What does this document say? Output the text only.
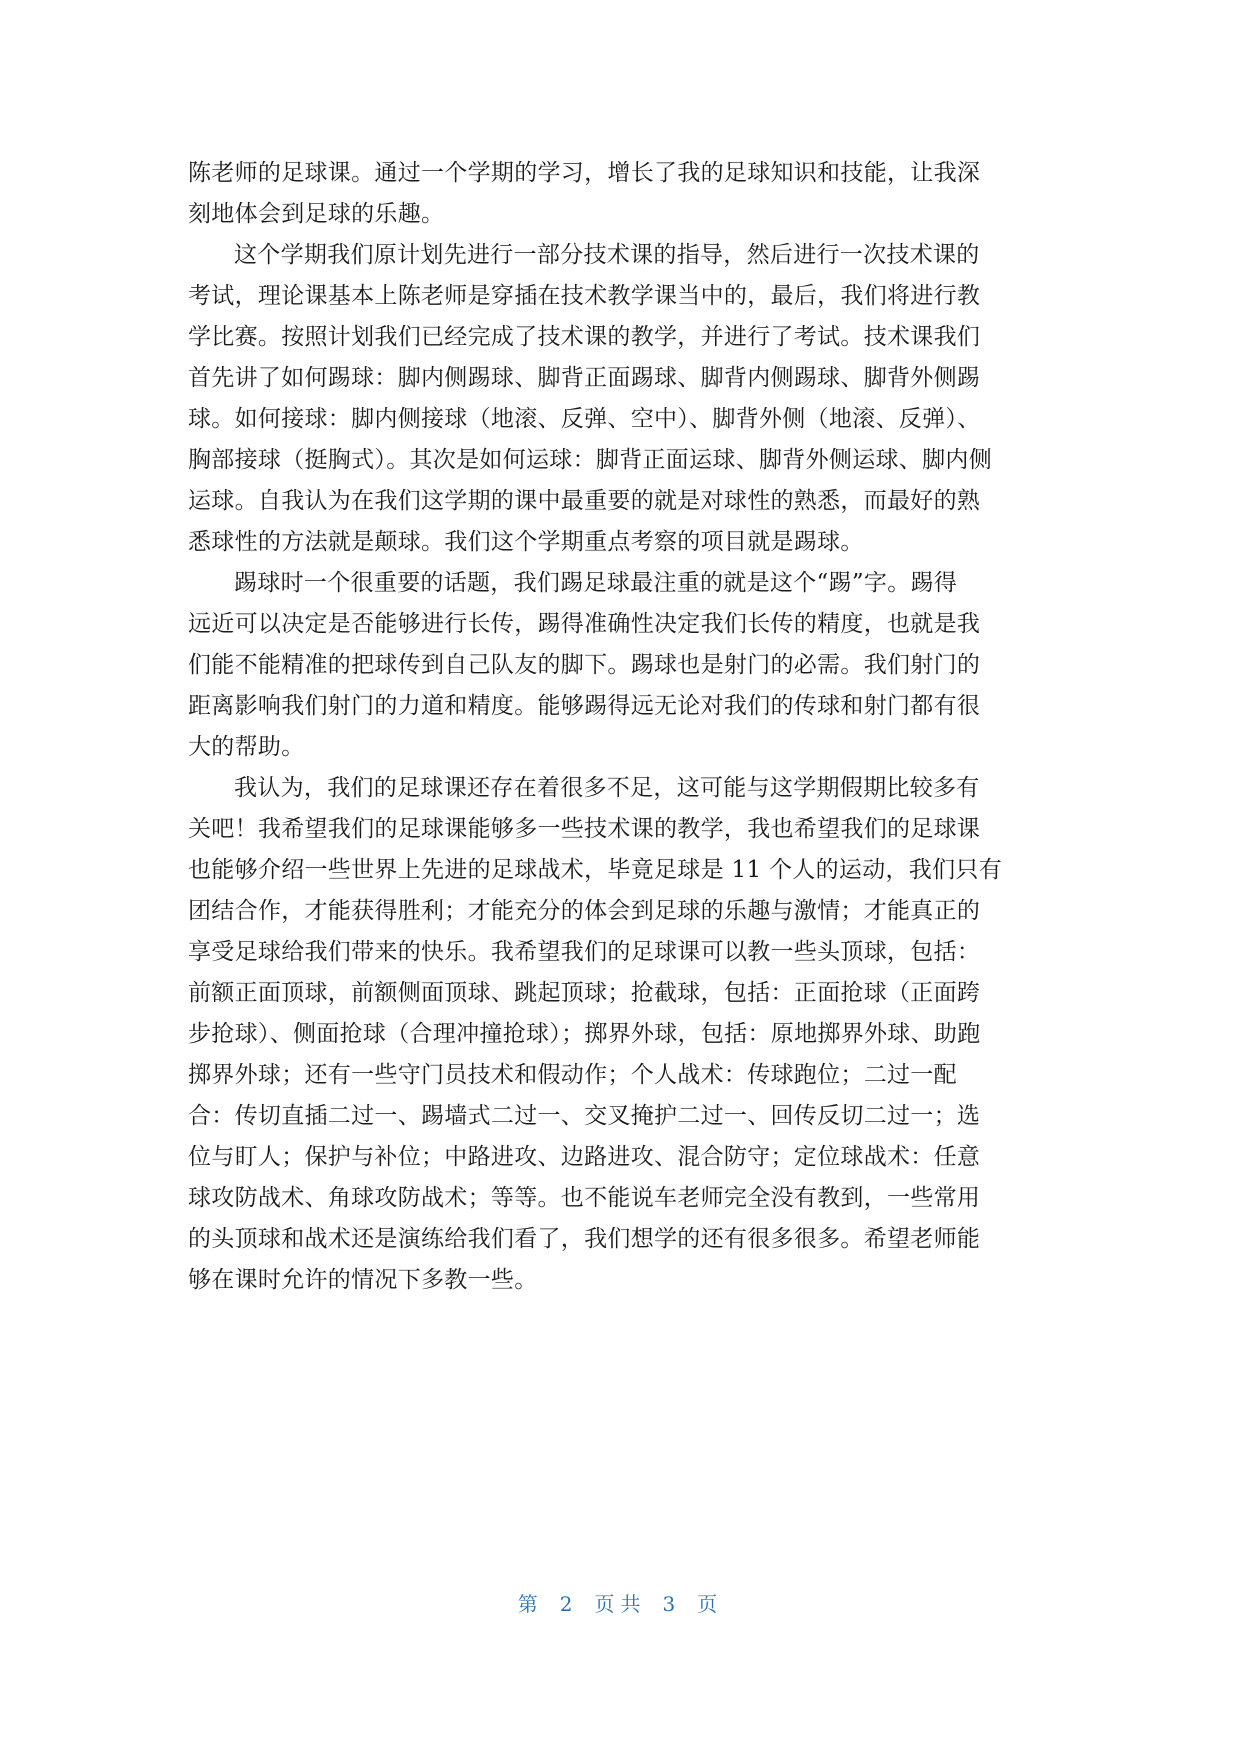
陈老师的足球课。通过一个学期的学习，增长了我的足球知识和技能，让我深
刻地体会到足球的乐趣。
这个学期我们原计划先进行一部分技术课的指导，然后进行一次技术课的
考试，理论课基本上陈老师是穿插在技术教学课当中的，最后，我们将进行教
学比赛。按照计划我们已经完成了技术课的教学，并进行了考试。技术课我们
首先讲了如何踢球：脚内侧踢球、脚背正面踢球、脚背内侧踢球、脚背外侧踢
球。如何接球：脚内侧接球（地滚、反弹、空中）、脚背外侧（地滚、反弹）、
胸部接球（挺胸式）。其次是如何运球：脚背正面运球、脚背外侧运球、脚内侧
运球。自我认为在我们这学期的课中最重要的就是对球性的熟悉，而最好的熟
悉球性的方法就是颠球。我们这个学期重点考察的项目就是踢球。
踢球时一个很重要的话题，我们踢足球最注重的就是这个“踢”字。踢得
远近可以决定是否能够进行长传，踢得准确性决定我们长传的精度，也就是我
们能不能精准的把球传到自己队友的脚下。踢球也是射门的必需。我们射门的
距离影响我们射门的力道和精度。能够踢得远无论对我们的传球和射门都有很
大的帮助。
我认为，我们的足球课还存在着很多不足，这可能与这学期假期比较多有
关吧！我希望我们的足球课能够多一些技术课的教学，我也希望我们的足球课
也能够介绍一些世界上先进的足球战术，毕竟足球是 11 个人的运动，我们只有
团结合作，才能获得胜利；才能充分的体会到足球的乐趣与激情；才能真正的
享受足球给我们带来的快乐。我希望我们的足球课可以教一些头顶球，包括：
前额正面顶球，前额侧面顶球、跳起顶球；抢截球，包括：正面抢球（正面跨
步抢球）、侧面抢球（合理冲撞抢球）；掷界外球，包括：原地掷界外球、助跑
掷界外球；还有一些守门员技术和假动作；个人战术：传球跑位；二过一配
合：传切直插二过一、踢墙式二过一、交叉掩护二过一、回传反切二过一；选
位与盯人；保护与补位；中路进攻、边路进攻、混合防守；定位球战术：任意
球攻防战术、角球攻防战术；等等。也不能说车老师完全没有教到，一些常用
的头顶球和战术还是演练给我们看了，我们想学的还有很多很多。希望老师能
够在课时允许的情况下多教一些。
第 2 页共 3 页
